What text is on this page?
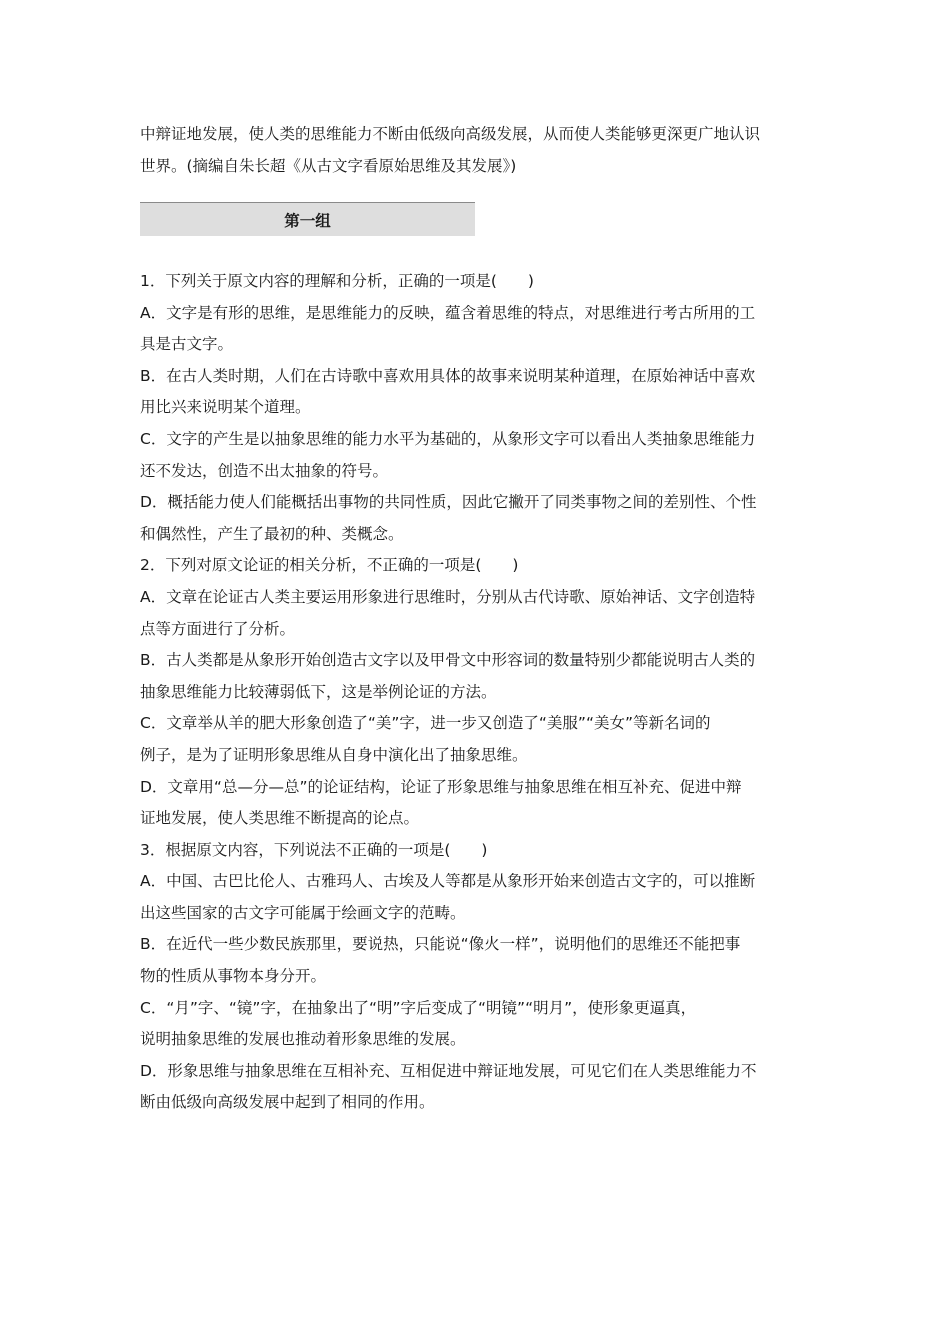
中辩证地发展，使人类的思维能力不断由低级向高级发展，从而使人类能够更深更广地认识
世界。(摘编自朱长超《从古文字看原始思维及其发展》)
第一组
1．下列关于原文内容的理解和分析，正确的一项是(　　)
A．文字是有形的思维，是思维能力的反映，蕴含着思维的特点，对思维进行考古所用的工
具是古文字。
B．在古人类时期，人们在古诗歌中喜欢用具体的故事来说明某种道理，在原始神话中喜欢
用比兴来说明某个道理。
C．文字的产生是以抽象思维的能力水平为基础的，从象形文字可以看出人类抽象思维能力
还不发达，创造不出太抽象的符号。
D．概括能力使人们能概括出事物的共同性质，因此它撇开了同类事物之间的差别性、个性
和偶然性，产生了最初的种、类概念。
2．下列对原文论证的相关分析，不正确的一项是(　　)
A．文章在论证古人类主要运用形象进行思维时，分别从古代诗歌、原始神话、文字创造特
点等方面进行了分析。
B．古人类都是从象形开始创造古文字以及甲骨文中形容词的数量特别少都能说明古人类的
抽象思维能力比较薄弱低下，这是举例论证的方法。
C．文章举从羊的肥大形象创造了“美”字，进一步又创造了“美服”“美女”等新名词的
例子，是为了证明形象思维从自身中演化出了抽象思维。
D．文章用“总—分—总”的论证结构，论证了形象思维与抽象思维在相互补充、促进中辩
证地发展，使人类思维不断提高的论点。
3．根据原文内容，下列说法不正确的一项是(　　)
A．中国、古巴比伦人、古雅玛人、古埃及人等都是从象形开始来创造古文字的，可以推断
出这些国家的古文字可能属于绘画文字的范畴。
B．在近代一些少数民族那里，要说热，只能说“像火一样”，说明他们的思维还不能把事
物的性质从事物本身分开。
C．“月”字、“镜”字，在抽象出了“明”字后变成了“明镜”“明月”，使形象更逼真，
说明抽象思维的发展也推动着形象思维的发展。
D．形象思维与抽象思维在互相补充、互相促进中辩证地发展，可见它们在人类思维能力不
断由低级向高级发展中起到了相同的作用。
